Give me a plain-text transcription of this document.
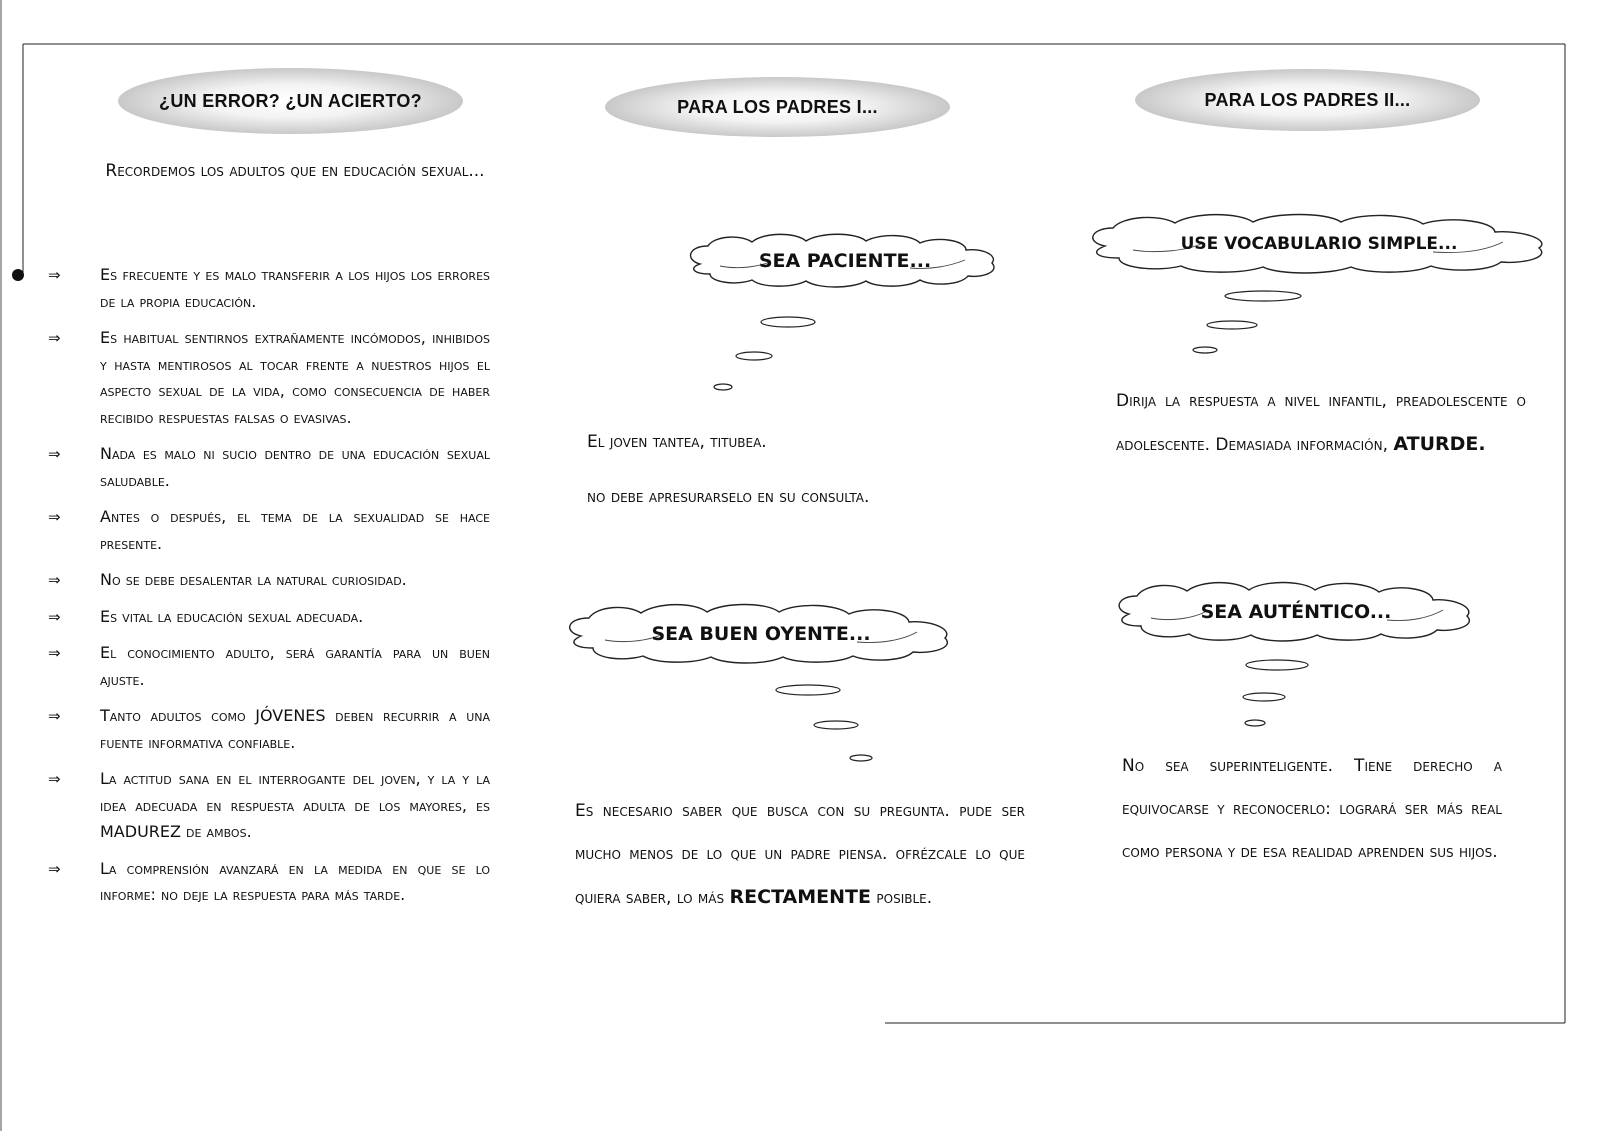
¿UN ERROR? ¿UN ACIERTO?	PARA LOS PADRES I...	PARA LOS PADRES II...
Recordemos los adultos que en educación sexual...
⇒ Es frecuente y es malo transferir a los hijos los errores de la propia educación.
⇒ Es habitual sentirnos extrañamente incómodos, inhibidos y hasta mentirosos al tocar frente a nuestros hijos el aspecto sexual de la vida, como consecuencia de haber recibido respuestas falsas o evasivas.
⇒ Nada es malo ni sucio dentro de una educación sexual saludable.
⇒ Antes o después, el tema de la sexualidad se hace presente.
⇒ No se debe desalentar la natural curiosidad.
⇒ Es vital la educación sexual adecuada.
⇒ El conocimiento adulto, será garantía para un buen ajuste.
⇒ Tanto adultos como JÓVENES deben recurrir a una fuente informativa confiable.
⇒ La actitud sana en el interrogante del joven, y la y la idea adecuada en respuesta adulta de los mayores, es MADUREZ de ambos.
⇒ La comprensión avanzará en la medida en que se lo informe: no deje la respuesta para más tarde.
SEA PACIENTE...
El joven tantea, titubea.
no debe apresurarselo en su consulta.
SEA BUEN OYENTE...
Es necesario saber que busca con su pregunta. pude ser mucho menos de lo que un padre piensa. ofrézcale lo que quiera saber, lo más RECTAMENTE posible.
USE VOCABULARIO SIMPLE...
Dirija la respuesta a nivel infantil, preadolescente o adolescente. Demasiada información, ATURDE.
SEA AUTÉNTICO...
No sea superinteligente. Tiene derecho a equivocarse y reconocerlo: logrará ser más real como persona y de esa realidad aprenden sus hijos.
